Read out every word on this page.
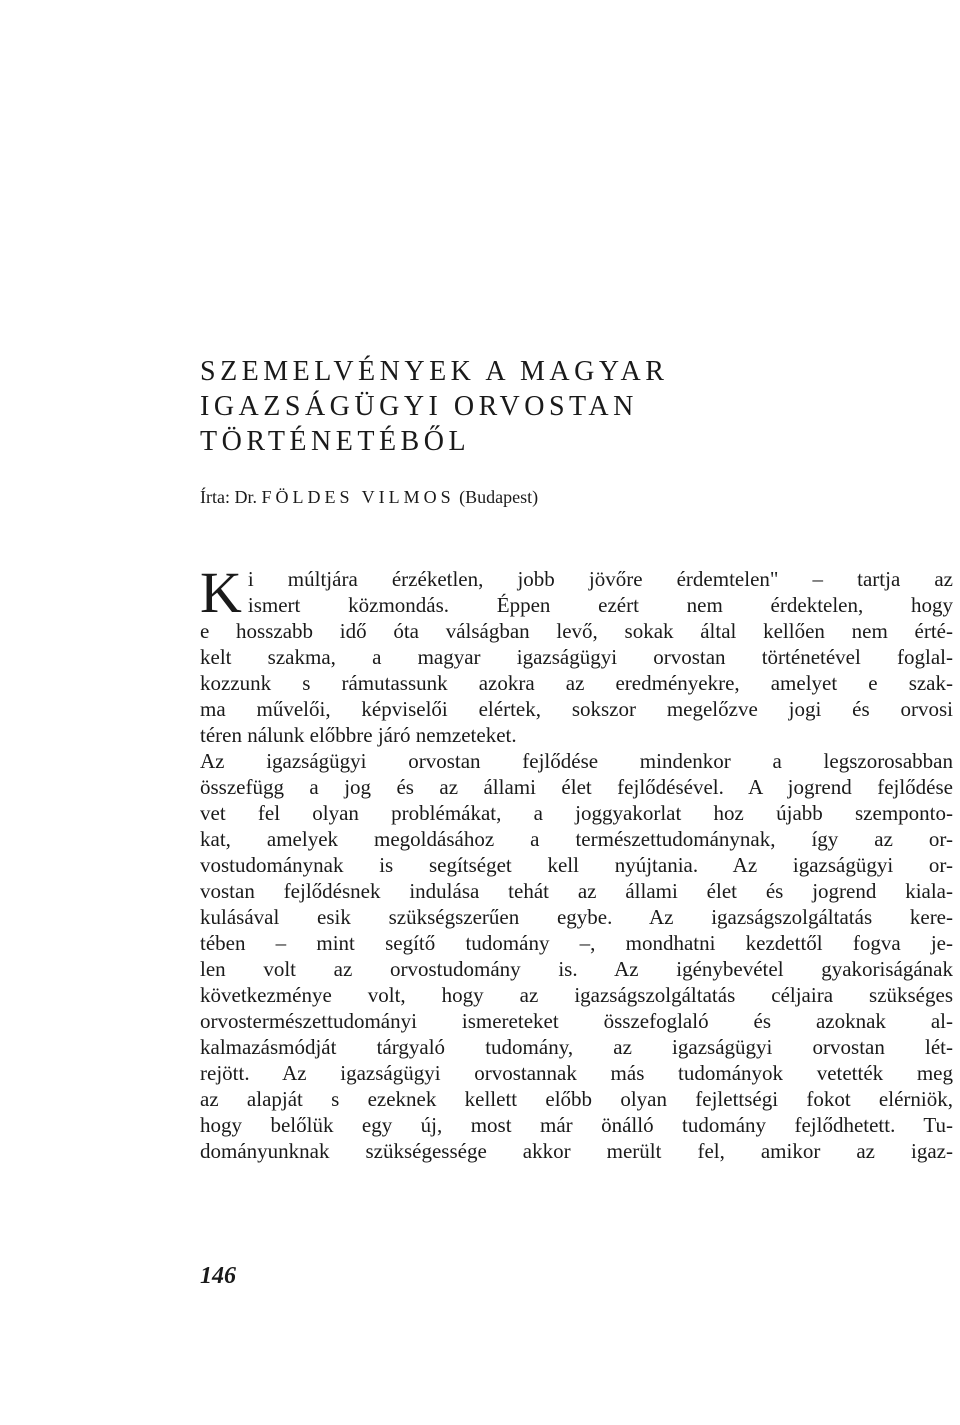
SZEMELVÉNYEK A MAGYAR
IGAZSÁGÜGYI ORVOSTAN
TÖRTÉNETÉBŐL
Írta: Dr. FÖLDES VILMOS (Budapest)
K i múltjára érzéketlen, jobb jövőre érdemtelen" – tartja az
ismert közmondás. Éppen ezért nem érdektelen, hogy
e hosszabb idő óta válságban levő, sokak által kellően nem érté-
kelt szakma, a magyar igazságügyi orvostan történetével foglal-
kozzunk s rámutassunk azokra az eredményekre, amelyet e szak-
ma művelői, képviselői elértek, sokszor megelőzve jogi és orvosi
téren nálunk előbbre járó nemzeteket.
Az igazságügyi orvostan fejlődése mindenkor a legszorosabban
összefügg a jog és az állami élet fejlődésével. A jogrend fejlődése
vet fel olyan problémákat, a joggyakorlat hoz újabb szempontо-
kat, amelyek megoldásához a természettudománynak, így az or-
vostudománynak is segítséget kell nyújtania. Az igazságügyi or-
vostan fejlődésnek indulása tehát az állami élet és jogrend kiala-
kulásával esik szükségszerűen egybe. Az igazságszolgáltatás kere-
tében – mint segítő tudomány –, mondhatni kezdettől fogva je-
len volt az orvostudomány is. Az igénybevétel gyakoriságának
következménye volt, hogy az igazságszolgáltatás céljaira szükséges
orvostermészettudományi ismereteket összefoglaló és azoknak al-
kalmazásmódját tárgyaló tudomány, az igazságügyi orvostan lét-
rejött. Az igazságügyi orvostannak más tudományok vetették meg
az alapját s ezeknek kellett előbb olyan fejlettségi fokot elérniök,
hogy belőlük egy új, most már önálló tudomány fejlődhetett. Tu-
dományunknak szükségessége akkor merült fel, amikor az igaz-
146
